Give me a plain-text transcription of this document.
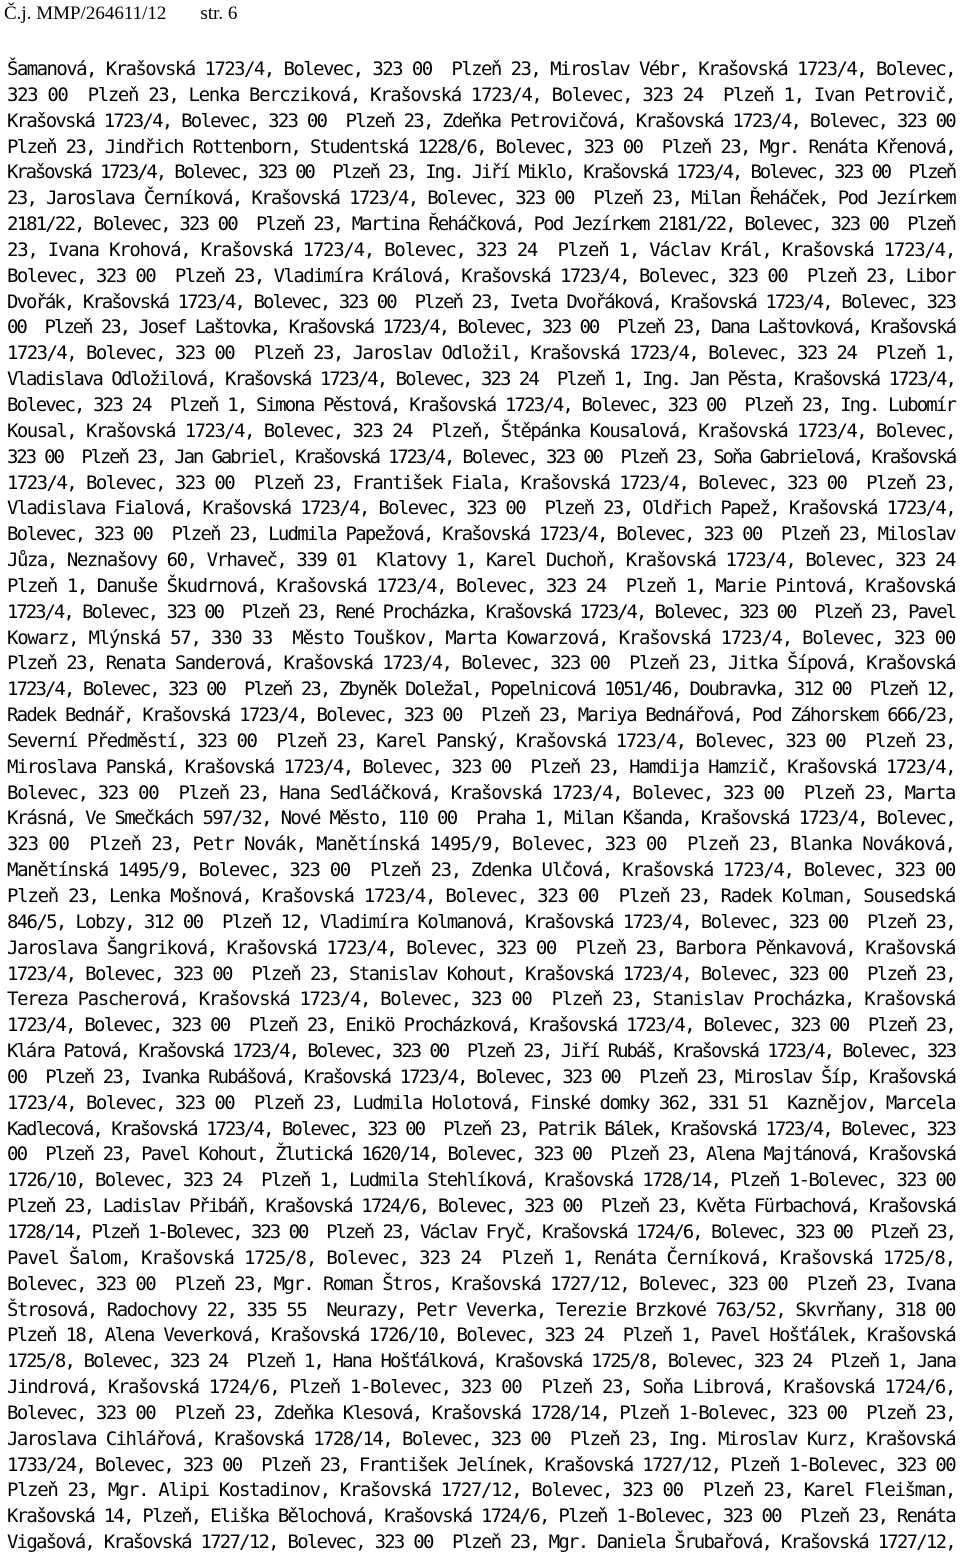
Č.j. MMP/264611/12 str. 6
Šamanová, Krašovská 1723/4, Bolevec, 323 00  Plzeň 23, Miroslav Vébr, Krašovská 1723/4, Bolevec,
323 00  Plzeň 23, Lenka Bercziková, Krašovská 1723/4, Bolevec, 323 24  Plzeň 1, Ivan Petrovič,
Krašovská 1723/4, Bolevec, 323 00  Plzeň 23, Zdeňka Petrovičová, Krašovská 1723/4, Bolevec, 323 00
Plzeň 23, Jindřich Rottenborn, Studentská 1228/6, Bolevec, 323 00  Plzeň 23, Mgr. Renáta Křenová,
Krašovská 1723/4, Bolevec, 323 00  Plzeň 23, Ing. Jiří Miklo, Krašovská 1723/4, Bolevec, 323 00  Plzeň
23, Jaroslava Černíková, Krašovská 1723/4, Bolevec, 323 00  Plzeň 23, Milan Řeháček, Pod Jezírkem
2181/22, Bolevec, 323 00  Plzeň 23, Martina Řeháčková, Pod Jezírkem 2181/22, Bolevec, 323 00  Plzeň
23, Ivana Krohová, Krašovská 1723/4, Bolevec, 323 24  Plzeň 1, Václav Král, Krašovská 1723/4,
Bolevec, 323 00  Plzeň 23, Vladimíra Králová, Krašovská 1723/4, Bolevec, 323 00  Plzeň 23, Libor
Dvořák, Krašovská 1723/4, Bolevec, 323 00  Plzeň 23, Iveta Dvořáková, Krašovská 1723/4, Bolevec, 323
00  Plzeň 23, Josef Laštovka, Krašovská 1723/4, Bolevec, 323 00  Plzeň 23, Dana Laštovková, Krašovská
1723/4, Bolevec, 323 00  Plzeň 23, Jaroslav Odložil, Krašovská 1723/4, Bolevec, 323 24  Plzeň 1,
Vladislava Odložilová, Krašovská 1723/4, Bolevec, 323 24  Plzeň 1, Ing. Jan Pěsta, Krašovská 1723/4,
Bolevec, 323 24  Plzeň 1, Simona Pěstová, Krašovská 1723/4, Bolevec, 323 00  Plzeň 23, Ing. Lubomír
Kousal, Krašovská 1723/4, Bolevec, 323 24  Plzeň, Štěpánka Kousalová, Krašovská 1723/4, Bolevec,
323 00  Plzeň 23, Jan Gabriel, Krašovská 1723/4, Bolevec, 323 00  Plzeň 23, Soňa Gabrielová, Krašovská
1723/4, Bolevec, 323 00  Plzeň 23, František Fiala, Krašovská 1723/4, Bolevec, 323 00  Plzeň 23,
Vladislava Fialová, Krašovská 1723/4, Bolevec, 323 00  Plzeň 23, Oldřich Papež, Krašovská 1723/4,
Bolevec, 323 00  Plzeň 23, Ludmila Papežová, Krašovská 1723/4, Bolevec, 323 00  Plzeň 23, Miloslav
Jůza, Neznašovy 60, Vrhaveč, 339 01  Klatovy 1, Karel Duchoň, Krašovská 1723/4, Bolevec, 323 24
Plzeň 1, Danuše Škudrnová, Krašovská 1723/4, Bolevec, 323 24  Plzeň 1, Marie Pintová, Krašovská
1723/4, Bolevec, 323 00  Plzeň 23, René Procházka, Krašovská 1723/4, Bolevec, 323 00  Plzeň 23, Pavel
Kowarz, Mlýnská 57, 330 33  Město Touškov, Marta Kowarzová, Krašovská 1723/4, Bolevec, 323 00
Plzeň 23, Renata Sanderová, Krašovská 1723/4, Bolevec, 323 00  Plzeň 23, Jitka Šípová, Krašovská
1723/4, Bolevec, 323 00  Plzeň 23, Zbyněk Doležal, Popelnicová 1051/46, Doubravka, 312 00  Plzeň 12,
Radek Bednář, Krašovská 1723/4, Bolevec, 323 00  Plzeň 23, Mariya Bednářová, Pod Záhorskem 666/23,
Severní Předměstí, 323 00  Plzeň 23, Karel Panský, Krašovská 1723/4, Bolevec, 323 00  Plzeň 23,
Miroslava Panská, Krašovská 1723/4, Bolevec, 323 00  Plzeň 23, Hamdija Hamzič, Krašovská 1723/4,
Bolevec, 323 00  Plzeň 23, Hana Sedláčková, Krašovská 1723/4, Bolevec, 323 00  Plzeň 23, Marta
Krásná, Ve Smečkách 597/32, Nové Město, 110 00  Praha 1, Milan Kšanda, Krašovská 1723/4, Bolevec,
323 00  Plzeň 23, Petr Novák, Manětínská 1495/9, Bolevec, 323 00  Plzeň 23, Blanka Nováková,
Manětínská 1495/9, Bolevec, 323 00  Plzeň 23, Zdenka Ulčová, Krašovská 1723/4, Bolevec, 323 00
Plzeň 23, Lenka Mošnová, Krašovská 1723/4, Bolevec, 323 00  Plzeň 23, Radek Kolman, Sousedská
846/5, Lobzy, 312 00  Plzeň 12, Vladimíra Kolmanová, Krašovská 1723/4, Bolevec, 323 00  Plzeň 23,
Jaroslava Šangriková, Krašovská 1723/4, Bolevec, 323 00  Plzeň 23, Barbora Pěnkavová, Krašovská
1723/4, Bolevec, 323 00  Plzeň 23, Stanislav Kohout, Krašovská 1723/4, Bolevec, 323 00  Plzeň 23,
Tereza Pascherová, Krašovská 1723/4, Bolevec, 323 00  Plzeň 23, Stanislav Procházka, Krašovská
1723/4, Bolevec, 323 00  Plzeň 23, Enikö Procházková, Krašovská 1723/4, Bolevec, 323 00  Plzeň 23,
Klára Patová, Krašovská 1723/4, Bolevec, 323 00  Plzeň 23, Jiří Rubáš, Krašovská 1723/4, Bolevec, 323
00  Plzeň 23, Ivanka Rubášová, Krašovská 1723/4, Bolevec, 323 00  Plzeň 23, Miroslav Šíp, Krašovská
1723/4, Bolevec, 323 00  Plzeň 23, Ludmila Holotová, Finské domky 362, 331 51  Kaznějov, Marcela
Kadlecová, Krašovská 1723/4, Bolevec, 323 00  Plzeň 23, Patrik Bálek, Krašovská 1723/4, Bolevec, 323
00  Plzeň 23, Pavel Kohout, Žlutická 1620/14, Bolevec, 323 00  Plzeň 23, Alena Majtánová, Krašovská
1726/10, Bolevec, 323 24  Plzeň 1, Ludmila Stehlíková, Krašovská 1728/14, Plzeň 1-Bolevec, 323 00
Plzeň 23, Ladislav Přibáň, Krašovská 1724/6, Bolevec, 323 00  Plzeň 23, Květa Fürbachová, Krašovská
1728/14, Plzeň 1-Bolevec, 323 00  Plzeň 23, Václav Fryč, Krašovská 1724/6, Bolevec, 323 00  Plzeň 23,
Pavel Šalom, Krašovská 1725/8, Bolevec, 323 24  Plzeň 1, Renáta Černíková, Krašovská 1725/8,
Bolevec, 323 00  Plzeň 23, Mgr. Roman Štros, Krašovská 1727/12, Bolevec, 323 00  Plzeň 23, Ivana
Štrosová, Radochovy 22, 335 55  Neurazy, Petr Veverka, Terezie Brzkové 763/52, Skvrňany, 318 00
Plzeň 18, Alena Veverková, Krašovská 1726/10, Bolevec, 323 24  Plzeň 1, Pavel Hošťálek, Krašovská
1725/8, Bolevec, 323 24  Plzeň 1, Hana Hošťálková, Krašovská 1725/8, Bolevec, 323 24  Plzeň 1, Jana
Jindrová, Krašovská 1724/6, Plzeň 1-Bolevec, 323 00  Plzeň 23, Soňa Librová, Krašovská 1724/6,
Bolevec, 323 00  Plzeň 23, Zdeňka Klesová, Krašovská 1728/14, Plzeň 1-Bolevec, 323 00  Plzeň 23,
Jaroslava Cihlářová, Krašovská 1728/14, Bolevec, 323 00  Plzeň 23, Ing. Miroslav Kurz, Krašovská
1733/24, Bolevec, 323 00  Plzeň 23, František Jelínek, Krašovská 1727/12, Plzeň 1-Bolevec, 323 00
Plzeň 23, Mgr. Alipi Kostadinov, Krašovská 1727/12, Bolevec, 323 00  Plzeň 23, Karel Fleišman,
Krašovská 14, Plzeň, Eliška Bělochová, Krašovská 1724/6, Plzeň 1-Bolevec, 323 00  Plzeň 23, Renáta
Vigašová, Krašovská 1727/12, Bolevec, 323 00  Plzeň 23, Mgr. Daniela Šrubařová, Krašovská 1727/12,
